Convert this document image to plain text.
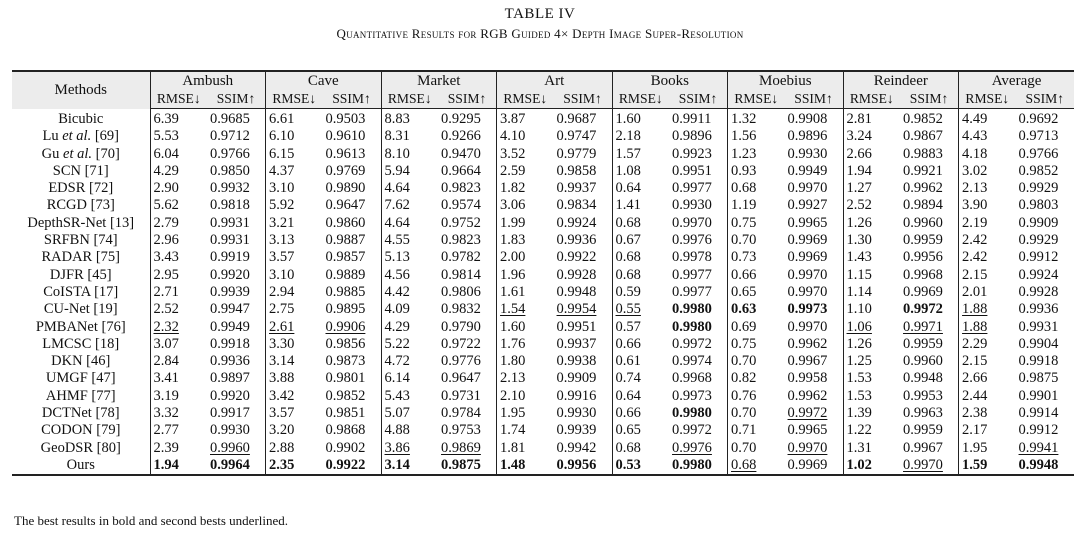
TABLE IV
Quantitative Results for RGB Guided 4× Depth Image Super-Resolution
Methods	Ambush		Cave		Market		Art		Books		Moebius		Reindeer		Average	
	RMSE↓	SSIM↑	RMSE↓	SSIM↑	RMSE↓	SSIM↑	RMSE↓	SSIM↑	RMSE↓	SSIM↑	RMSE↓	SSIM↑	RMSE↓	SSIM↑	RMSE↓	SSIM↑
Bicubic	6.39	0.9685	6.61	0.9503	8.83	0.9295	3.87	0.9687	1.60	0.9911	1.32	0.9908	2.81	0.9852	4.49	0.9692
Lu et al. [69]	5.53	0.9712	6.10	0.9610	8.31	0.9266	4.10	0.9747	2.18	0.9896	1.56	0.9896	3.24	0.9867	4.43	0.9713
Gu et al. [70]	6.04	0.9766	6.15	0.9613	8.10	0.9470	3.52	0.9779	1.57	0.9923	1.23	0.9930	2.66	0.9883	4.18	0.9766
SCN [71]	4.29	0.9850	4.37	0.9769	5.94	0.9664	2.59	0.9858	1.08	0.9951	0.93	0.9949	1.94	0.9921	3.02	0.9852
EDSR [72]	2.90	0.9932	3.10	0.9890	4.64	0.9823	1.82	0.9937	0.64	0.9977	0.68	0.9970	1.27	0.9962	2.13	0.9929
RCGD [73]	5.62	0.9818	5.92	0.9647	7.62	0.9574	3.06	0.9834	1.41	0.9930	1.19	0.9927	2.52	0.9894	3.90	0.9803
DepthSR-Net [13]	2.79	0.9931	3.21	0.9860	4.64	0.9752	1.99	0.9924	0.68	0.9970	0.75	0.9965	1.26	0.9960	2.19	0.9909
SRFBN [74]	2.96	0.9931	3.13	0.9887	4.55	0.9823	1.83	0.9936	0.67	0.9976	0.70	0.9969	1.30	0.9959	2.42	0.9929
RADAR [75]	3.43	0.9919	3.57	0.9857	5.13	0.9782	2.00	0.9922	0.68	0.9978	0.73	0.9969	1.43	0.9956	2.42	0.9912
DJFR [45]	2.95	0.9920	3.10	0.9889	4.56	0.9814	1.96	0.9928	0.68	0.9977	0.66	0.9970	1.15	0.9968	2.15	0.9924
CoISTA [17]	2.71	0.9939	2.94	0.9885	4.42	0.9806	1.61	0.9948	0.59	0.9977	0.65	0.9970	1.14	0.9969	2.01	0.9928
CU-Net [19]	2.52	0.9947	2.75	0.9895	4.09	0.9832	1.54	0.9954	0.55	0.9980	0.63	0.9973	1.10	0.9972	1.88	0.9936
PMBANet [76]	2.32	0.9949	2.61	0.9906	4.29	0.9790	1.60	0.9951	0.57	0.9980	0.69	0.9970	1.06	0.9971	1.88	0.9931
LMCSC [18]	3.07	0.9918	3.30	0.9856	5.22	0.9722	1.76	0.9937	0.66	0.9972	0.75	0.9962	1.26	0.9959	2.29	0.9904
DKN [46]	2.84	0.9936	3.14	0.9873	4.72	0.9776	1.80	0.9938	0.61	0.9974	0.70	0.9967	1.25	0.9960	2.15	0.9918
UMGF [47]	3.41	0.9897	3.88	0.9801	6.14	0.9647	2.13	0.9909	0.74	0.9968	0.82	0.9958	1.53	0.9948	2.66	0.9875
AHMF [77]	3.19	0.9920	3.42	0.9852	5.43	0.9731	2.10	0.9916	0.64	0.9973	0.76	0.9962	1.53	0.9953	2.44	0.9901
DCTNet [78]	3.32	0.9917	3.57	0.9851	5.07	0.9784	1.95	0.9930	0.66	0.9980	0.70	0.9972	1.39	0.9963	2.38	0.9914
CODON [79]	2.77	0.9930	3.20	0.9868	4.88	0.9753	1.74	0.9939	0.65	0.9972	0.71	0.9965	1.22	0.9959	2.17	0.9912
GeoDSR [80]	2.39	0.9960	2.88	0.9902	3.86	0.9869	1.81	0.9942	0.68	0.9976	0.70	0.9970	1.31	0.9967	1.95	0.9941
Ours	1.94	0.9964	2.35	0.9922	3.14	0.9875	1.48	0.9956	0.53	0.9980	0.68	0.9969	1.02	0.9970	1.59	0.9948
The best results in bold and second bests underlined.
